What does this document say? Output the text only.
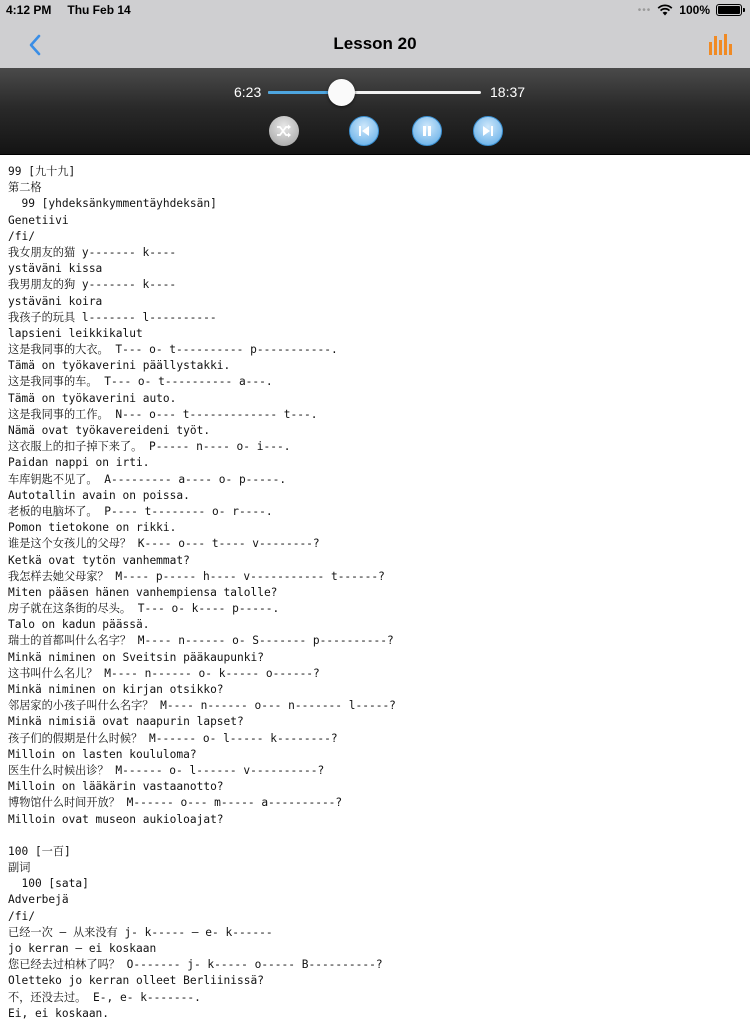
4:12 PM Thu Feb 14	••• 100%
Lesson 20
6:23	18:37
99 [九十九]
第二格
99 [yhdeksänkymmentäyhdeksän]
Genetiivi
/fi/
我女朋友的猫 y------- k----
ystäväni kissa
我男朋友的狗 y------- k----
ystäväni koira
我孩子的玩具 l------- l----------
lapsieni leikkikalut
这是我同事的大衣。 T--- o- t---------- p-----------.
Tämä on työkaverini päällystakki.
这是我同事的车。 T--- o- t---------- a---.
Tämä on työkaverini auto.
这是我同事的工作。 N--- o--- t------------- t---.
Nämä ovat työkavereideni työt.
这衣服上的扣子掉下来了。 P----- n---- o- i---.
Paidan nappi on irti.
车库钥匙不见了。 A--------- a---- o- p-----.
Autotallin avain on poissa.
老板的电脑坏了。 P---- t-------- o- r----.
Pomon tietokone on rikki.
谁是这个女孩儿的父母？ K---- o--- t---- v--------?
Ketkä ovat tytön vanhemmat?
我怎样去她父母家？ M---- p----- h---- v----------- t------?
Miten pääsen hänen vanhempiensa talolle?
房子就在这条街的尽头。 T--- o- k---- p-----.
Talo on kadun päässä.
瑞士的首都叫什么名字？ M---- n------ o- S------- p----------?
Minkä niminen on Sveitsin pääkaupunki?
这书叫什么名儿？ M---- n------ o- k----- o------?
Minkä niminen on kirjan otsikko?
邻居家的小孩子叫什么名字？ M---- n------ o--- n------- l-----?
Minkä nimisiä ovat naapurin lapset?
孩子们的假期是什么时候？ M------ o- l----- k--------?
Milloin on lasten koululoma?
医生什么时候出诊？ M------ o- l------ v----------?
Milloin on lääkärin vastaanotto?
博物馆什么时间开放？ M------ o--- m----- a----------?
Milloin ovat museon aukioloajat?
100 [一百]
副词
100 [sata]
Adverbejä
/fi/
已经一次 — 从来没有 j- k----- — e- k------
jo kerran — ei koskaan
您已经去过柏林了吗？ O------- j- k----- o----- B----------?
Oletteko jo kerran olleet Berliinissä?
不，还没去过。 E-, e- k-------.
Ei, ei koskaan.
